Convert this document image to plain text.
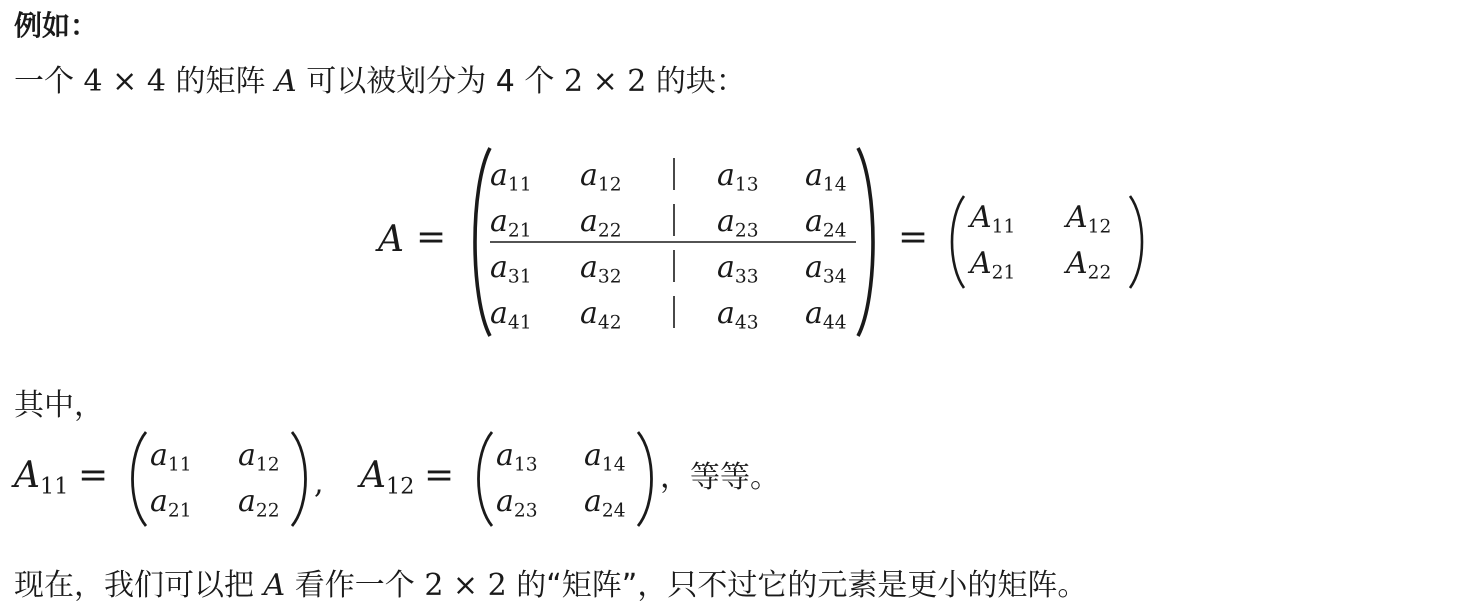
例如：
一个 4 × 4 的矩阵 A 可以被划分为 4 个 2 × 2 的块：
A =
$a_{11}$ $a_{12}$	$a_{13}$ $a_{14}$
$a_{21}$ $a_{22}$	$a_{23}$ $a_{24}$
$a_{31}$ $a_{32}$	$a_{33}$ $a_{34}$
$a_{41}$ $a_{42}$	$a_{43}$ $a_{44}$
= $A_{11}$ $A_{12}$
$A_{21}$ $A_{22}$
其中，
$A_{11} = a_{11}$ $a_{12}$
$a_{21}$ $a_{22}$
, $A_{12} = a_{13}$ $a_{14}$
$a_{23}$ $a_{24}$
，等等。
现在，我们可以把 A 看作一个 2 × 2 的“矩阵”，只不过它的元素是更小的矩阵。
